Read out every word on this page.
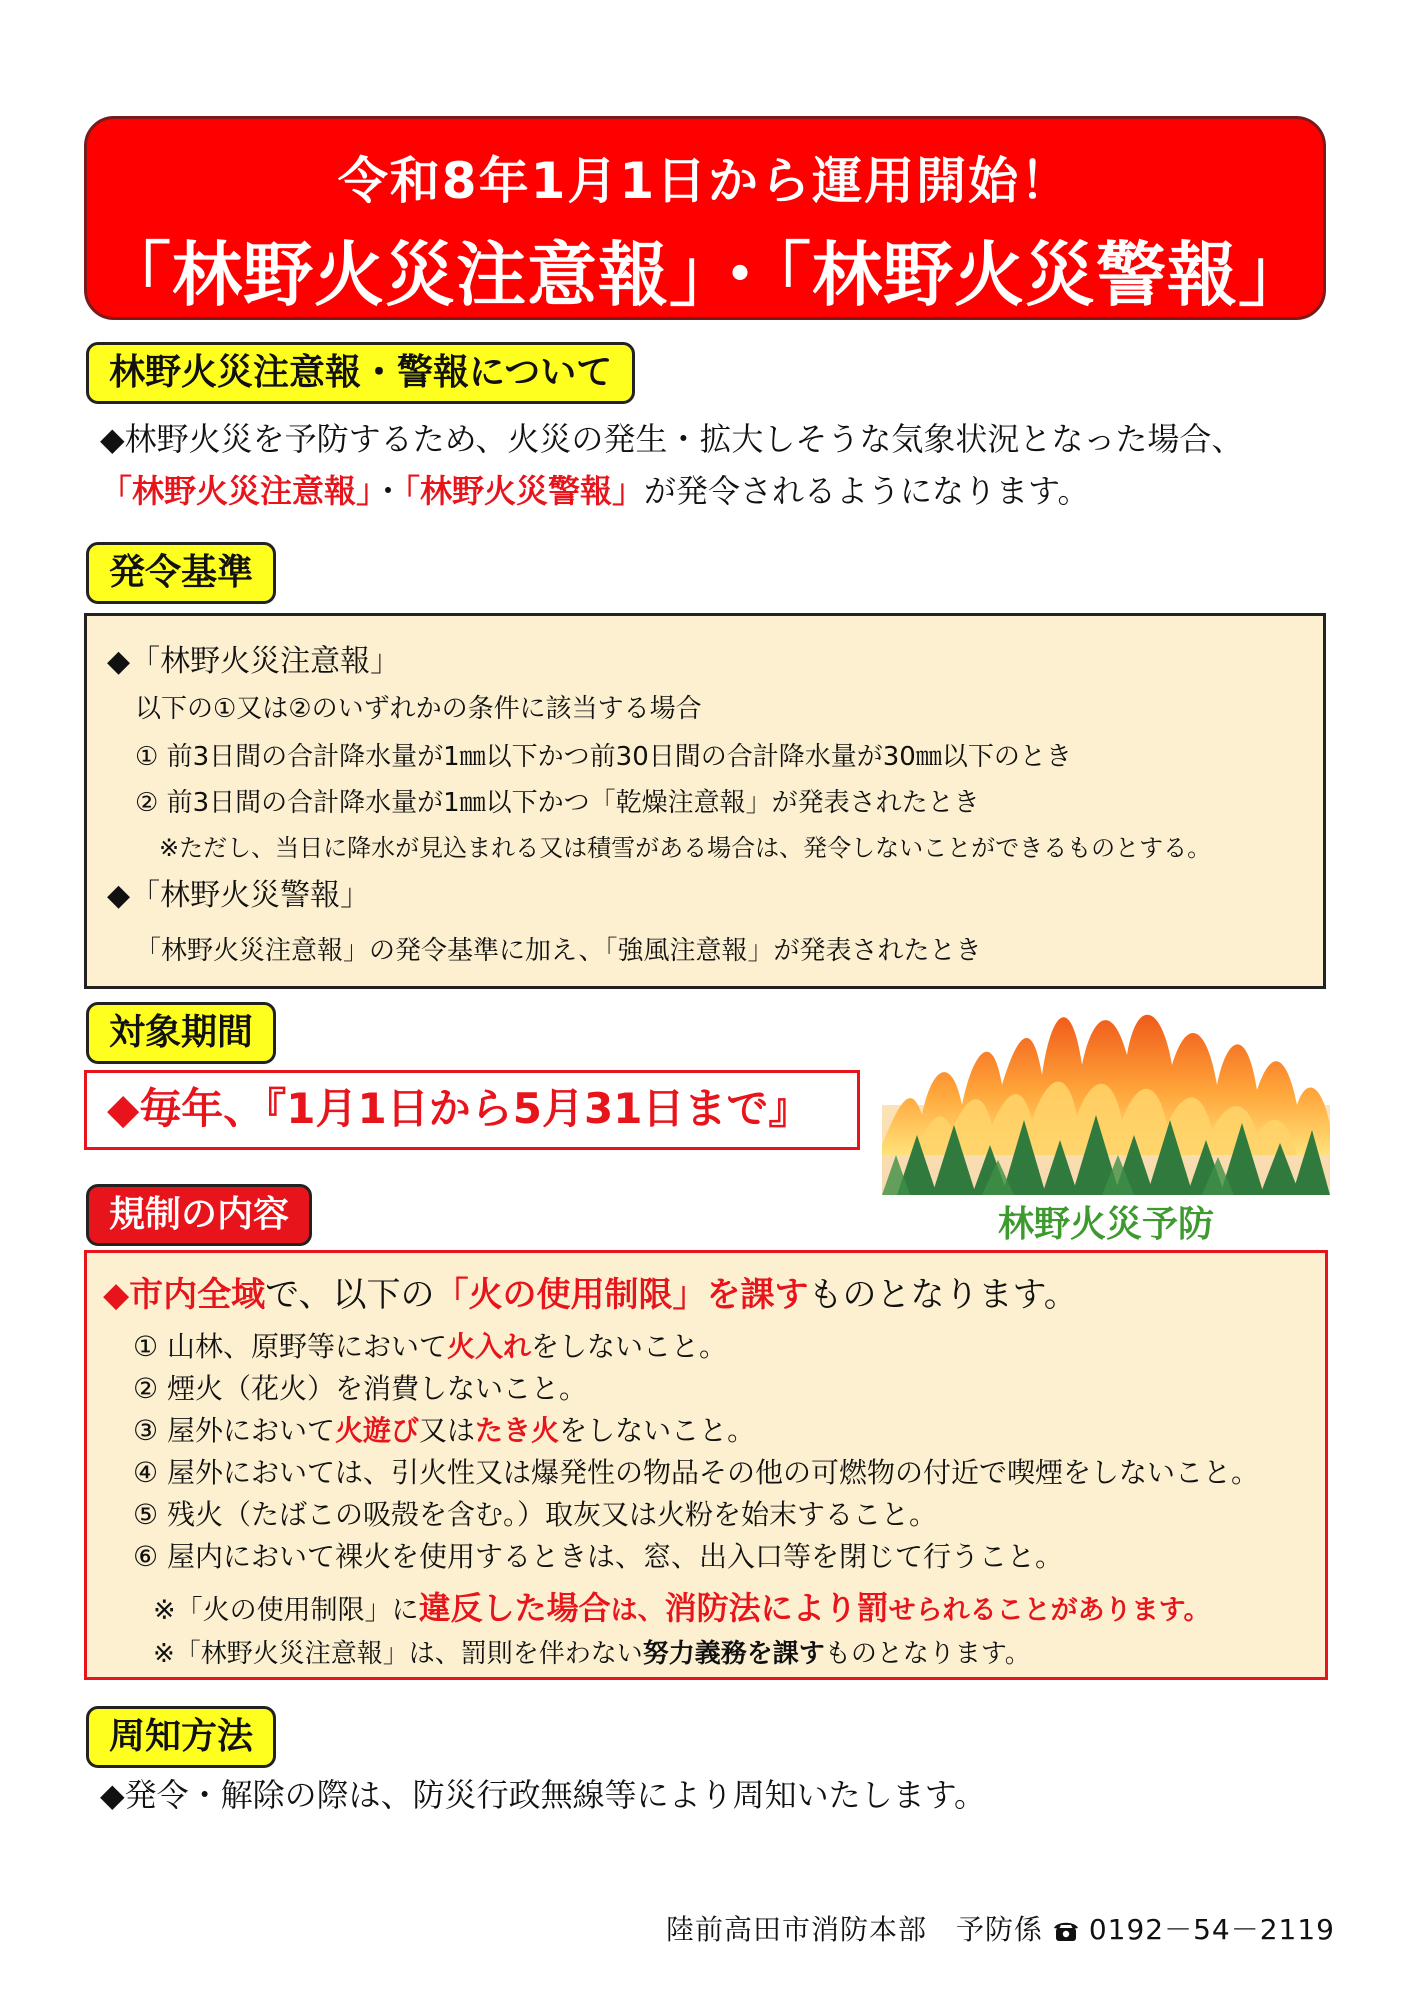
令和8年1月1日から運用開始！
「林野火災注意報」・「林野火災警報」
林野火災注意報・警報について
◆林野火災を予防するため、火災の発生・拡大しそうな気象状況となった場合、
「林野火災注意報」・「林野火災警報」が発令されるようになります。
発令基準
◆「林野火災注意報」
以下の①又は②のいずれかの条件に該当する場合
① 前3日間の合計降水量が1㎜以下かつ前30日間の合計降水量が30㎜以下のとき
② 前3日間の合計降水量が1㎜以下かつ「乾燥注意報」が発表されたとき
※ただし、当日に降水が見込まれる又は積雪がある場合は、発令しないことができるものとする。
◆「林野火災警報」
「林野火災注意報」の発令基準に加え、「強風注意報」が発表されたとき
対象期間
◆毎年、『1月1日から5月31日まで』
林野火災予防
規制の内容
◆市内全域で、以下の「火の使用制限」を課すものとなります。
① 山林、原野等において火入れをしないこと。
② 煙火（花火）を消費しないこと。
③ 屋外において火遊び又はたき火をしないこと。
④ 屋外においては、引火性又は爆発性の物品その他の可燃物の付近で喫煙をしないこと。
⑤ 残火（たばこの吸殻を含む。）取灰又は火粉を始末すること。
⑥ 屋内において裸火を使用するときは、窓、出入口等を閉じて行うこと。
※「火の使用制限」に違反した場合は、消防法により罰せられることがあります。
※「林野火災注意報」は、罰則を伴わない努力義務を課すものとなります。
周知方法
◆発令・解除の際は、防災行政無線等により周知いたします。
陸前高田市消防本部　予防係 0192－54－2119
